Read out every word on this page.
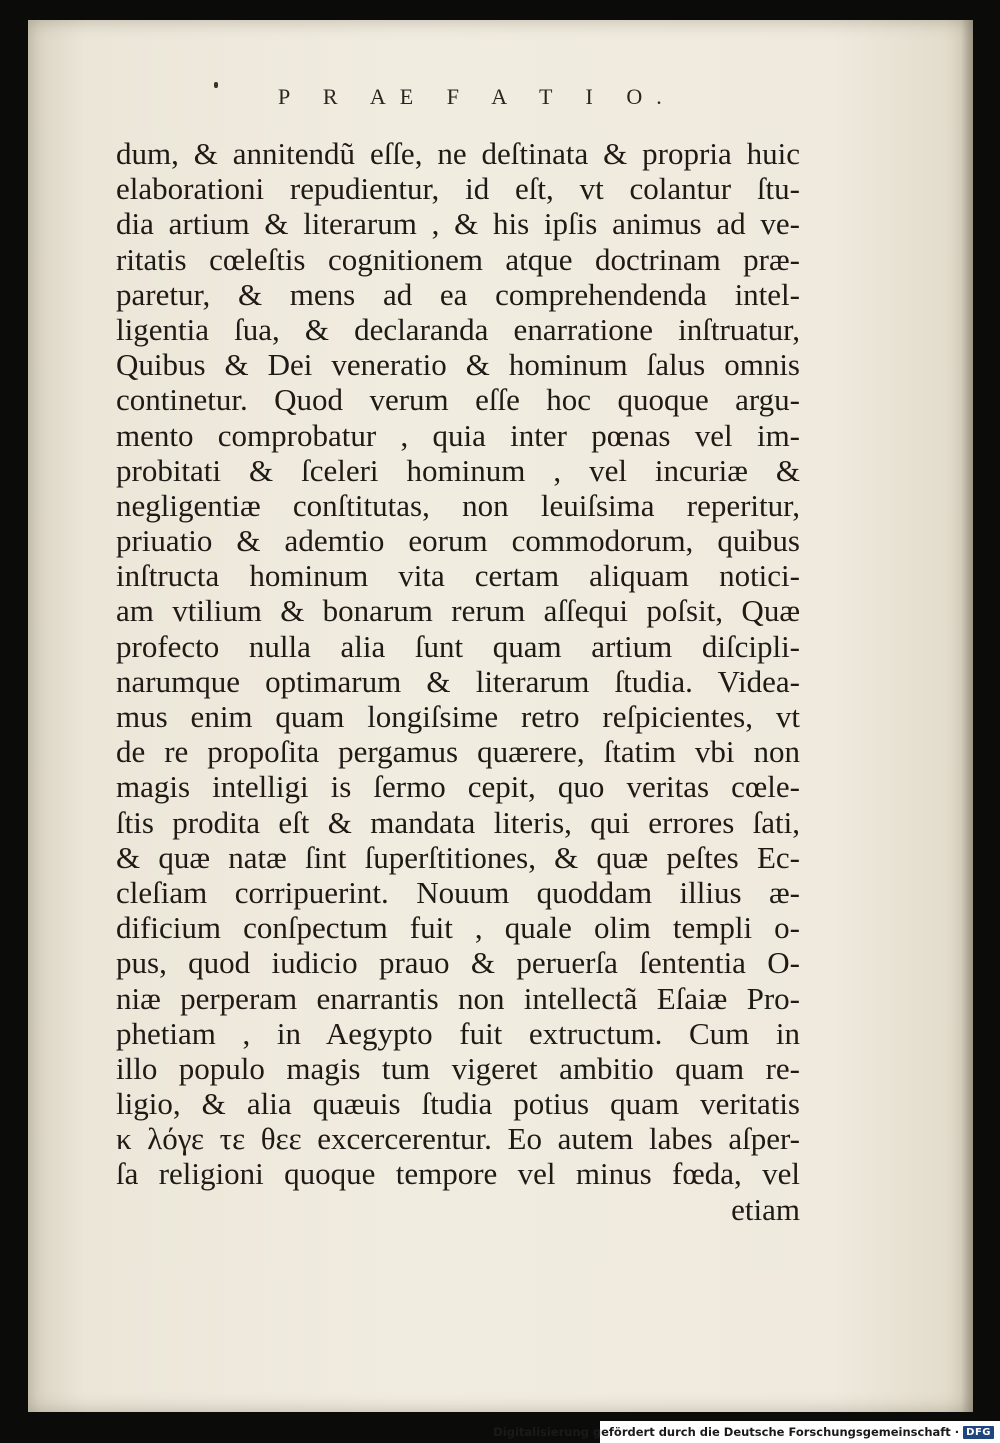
P R AE F A T I O.
dum, & annitendũ eſſe, ne deſtinata & propria huic
elaborationi repudientur, id eſt, vt colantur ſtu-
dia artium & literarum , & his ipſis animus ad ve-
ritatis cœleſtis cognitionem atque doctrinam præ-
paretur, & mens ad ea comprehendenda intel-
ligentia ſua, & declaranda enarratione inſtruatur,
Quibus & Dei veneratio & hominum ſalus omnis
continetur. Quod verum eſſe hoc quoque argu-
mento comprobatur , quia inter pœnas vel im-
probitati & ſceleri hominum , vel incuriæ &
negligentiæ conſtitutas, non leuiſsima reperitur,
priuatio & ademtio eorum commodorum, quibus
inſtructa hominum vita certam aliquam notici-
am vtilium & bonarum rerum aſſequi poſsit, Quæ
profecto nulla alia ſunt quam artium diſcipli-
narumque optimarum & literarum ſtudia. Videa-
mus enim quam longiſsime retro reſpicientes, vt
de re propoſita pergamus quærere, ſtatim vbi non
magis intelligi is ſermo cepit, quo veritas cœle-
ſtis prodita eſt & mandata literis, qui errores ſati,
& quæ natæ ſint ſuperſtitiones, & quæ peſtes Ec-
cleſiam corripuerint. Nouum quoddam illius æ-
dificium conſpectum fuit , quale olim templi o-
pus, quod iudicio prauo & peruerſa ſententia O-
niæ perperam enarrantis non intellectã Eſaiæ Pro-
phetiam , in Aegypto fuit extructum. Cum in
illo populo magis tum vigeret ambitio quam re-
ligio, & alia quæuis ſtudia potius quam veritatis
κ λόγε τε θεε excercerentur. Eo autem labes aſper-
ſa religioni quoque tempore vel minus fœda, vel
etiam
Digitalisierung gefördert durch die Deutsche Forschungsgemeinschaft · DFG
